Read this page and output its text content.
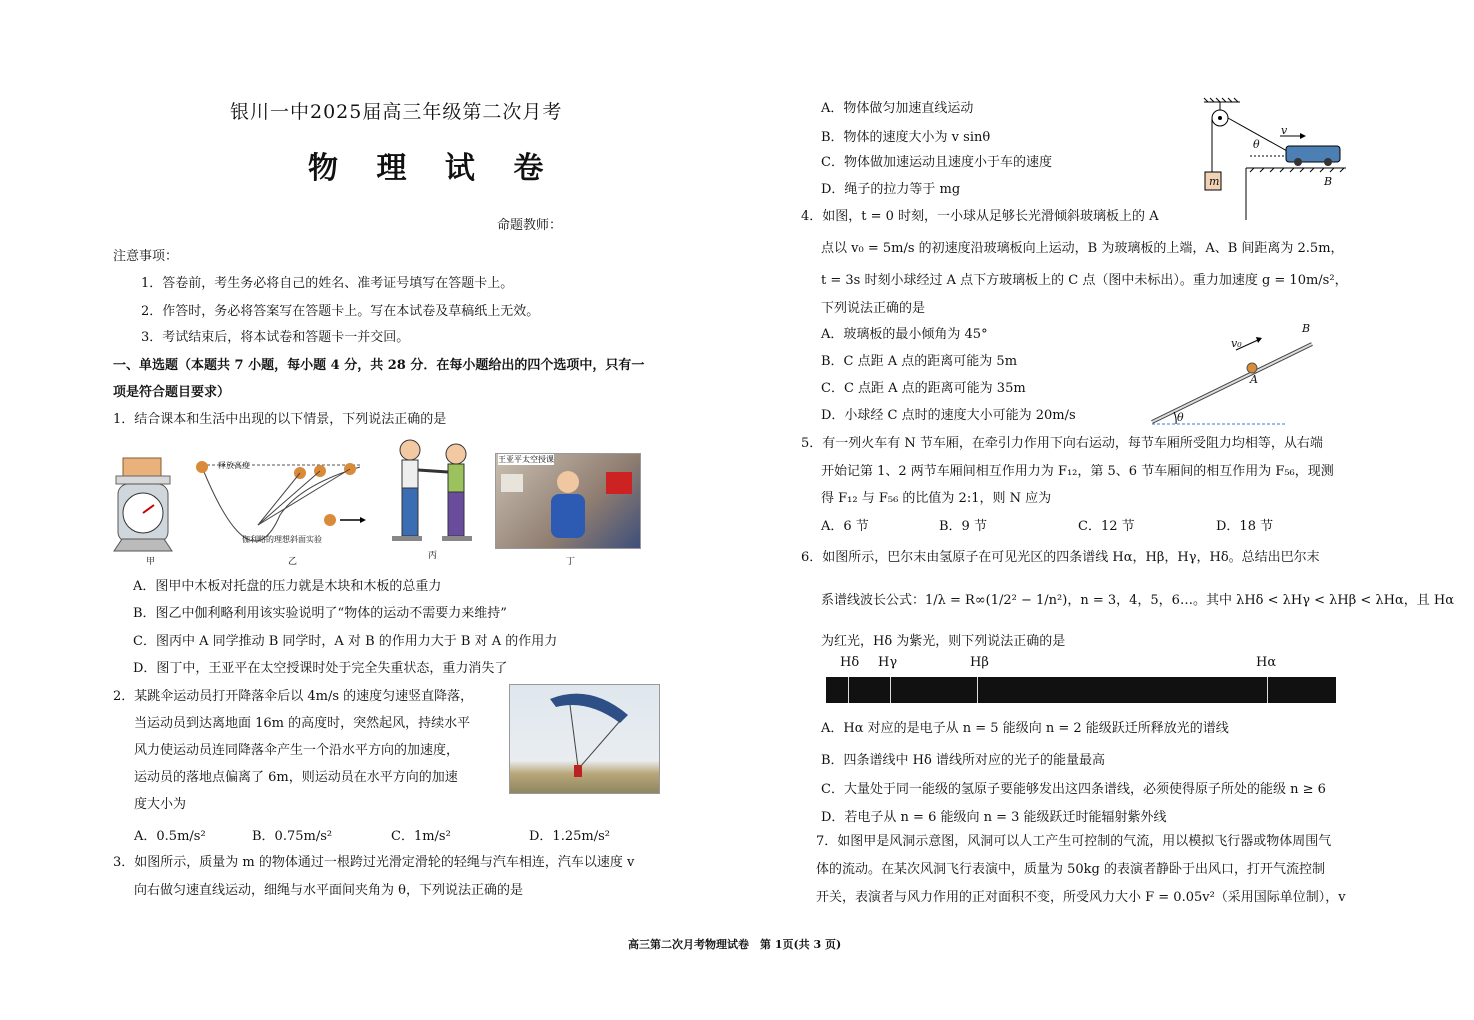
银川一中2025届高三年级第二次月考
物 理 试 卷
命题教师：
注意事项：
1．答卷前，考生务必将自己的姓名、准考证号填写在答题卡上。
2．作答时，务必将答案写在答题卡上。写在本试卷及草稿纸上无效。
3．考试结束后，将本试卷和答题卡一并交回。
一、单选题（本题共 7 小题，每小题 4 分，共 28 分．在每小题给出的四个选项中，只有一
项是符合题目要求）
1．结合课本和生活中出现的以下情景，下列说法正确的是
甲
释放高度
伽利略的理想斜面实验
乙
丙
王亚平太空授课
丁
A．图甲中木板对托盘的压力就是木块和木板的总重力
B．图乙中伽利略利用该实验说明了“物体的运动不需要力来维持”
C．图丙中 A 同学推动 B 同学时，A 对 B 的作用力大于 B 对 A 的作用力
D．图丁中，王亚平在太空授课时处于完全失重状态，重力消失了
2．某跳伞运动员打开降落伞后以 4m/s 的速度匀速竖直降落，
当运动员到达离地面 16m 的高度时，突然起风，持续水平
风力使运动员连同降落伞产生一个沿水平方向的加速度，
运动员的落地点偏离了 6m，则运动员在水平方向的加速
度大小为
A．0.5m/s²	B．0.75m/s²	C．1m/s²	D．1.25m/s²
3．如图所示，质量为 m 的物体通过一根跨过光滑定滑轮的轻绳与汽车相连，汽车以速度 v
向右做匀速直线运动，细绳与水平面间夹角为 θ，下列说法正确的是
A．物体做匀加速直线运动
B．物体的速度大小为 v sinθ
C．物体做加速运动且速度小于车的速度
D．绳子的拉力等于 mg
m
v
θ
B
4．如图，t = 0 时刻，一小球从足够长光滑倾斜玻璃板上的 A
点以 v₀ = 5m/s 的初速度沿玻璃板向上运动，B 为玻璃板的上端，A、B 间距离为 2.5m，
t = 3s 时刻小球经过 A 点下方玻璃板上的 C 点（图中未标出）。重力加速度 g = 10m/s²，
下列说法正确的是
A．玻璃板的最小倾角为 45°
B．C 点距 A 点的距离可能为 5m
C．C 点距 A 点的距离可能为 35m
D．小球经 C 点时的速度大小可能为 20m/s
v₀
A
B
θ
5．有一列火车有 N 节车厢，在牵引力作用下向右运动，每节车厢所受阻力均相等，从右端
开始记第 1、2 两节车厢间相互作用力为 F₁₂，第 5、6 节车厢间的相互作用为 F₅₆，现测
得 F₁₂ 与 F₅₆ 的比值为 2:1，则 N 应为
A．6 节	B．9 节	C．12 节	D．18 节
6．如图所示，巴尔末由氢原子在可见光区的四条谱线 Hα，Hβ，Hγ，Hδ。总结出巴尔末
系谱线波长公式：1/λ = R∞(1/2² − 1/n²)，n = 3，4，5，6…。其中 λHδ < λHγ < λHβ < λHα，且 Hα
为红光，Hδ 为紫光，则下列说法正确的是
Hδ Hγ	Hβ	Hα
A．Hα 对应的是电子从 n = 5 能级向 n = 2 能级跃迁所释放光的谱线
B．四条谱线中 Hδ 谱线所对应的光子的能量最高
C．大量处于同一能级的氢原子要能够发出这四条谱线，必须使得原子所处的能级 n ≥ 6
D．若电子从 n = 6 能级向 n = 3 能级跃迁时能辐射紫外线
7．如图甲是风洞示意图，风洞可以人工产生可控制的气流，用以模拟飞行器或物体周围气
体的流动。在某次风洞飞行表演中，质量为 50kg 的表演者静卧于出风口，打开气流控制
开关，表演者与风力作用的正对面积不变，所受风力大小 F = 0.05v²（采用国际单位制），v
高三第二次月考物理试卷　第 1页(共 3 页)
